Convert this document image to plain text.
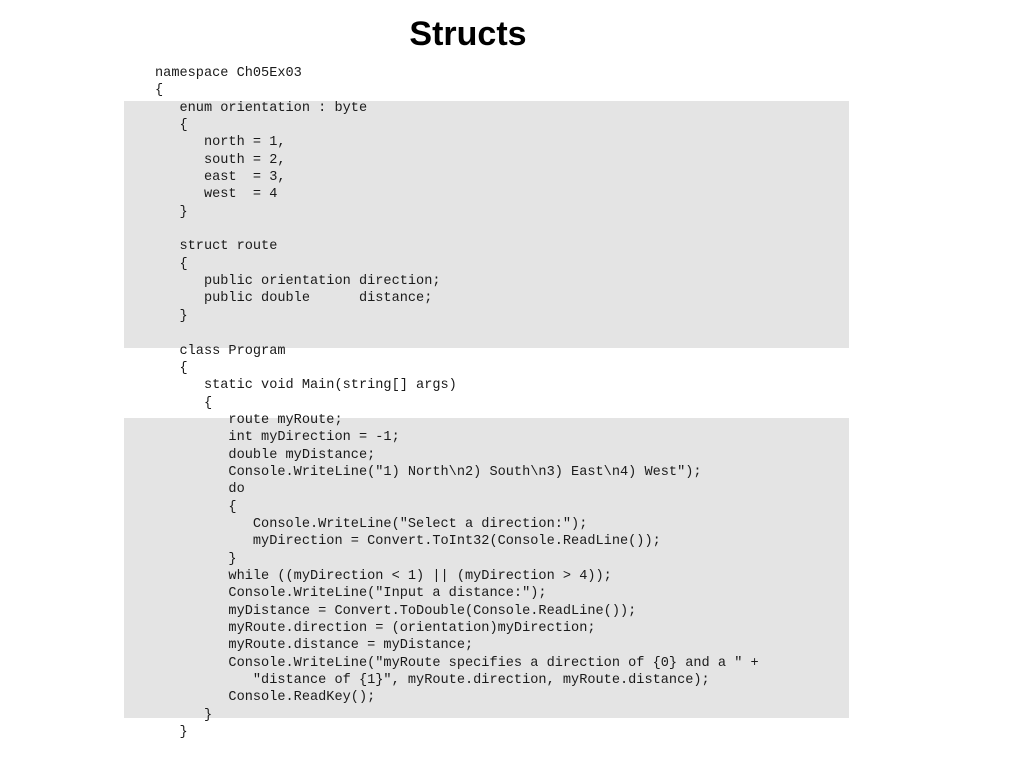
Structs
namespace Ch05Ex03
{
enum orientation : byte
{
north = 1,
south = 2,
east  = 3,
west  = 4
}
struct route
{
public orientation direction;
public double      distance;
}
class Program
{
static void Main(string[] args)
{
route myRoute;
int myDirection = -1;
double myDistance;
Console.WriteLine("1) North\n2) South\n3) East\n4) West");
do
{
Console.WriteLine("Select a direction:");
myDirection = Convert.ToInt32(Console.ReadLine());
}
while ((myDirection < 1) || (myDirection > 4));
Console.WriteLine("Input a distance:");
myDistance = Convert.ToDouble(Console.ReadLine());
myRoute.direction = (orientation)myDirection;
myRoute.distance = myDistance;
Console.WriteLine("myRoute specifies a direction of {0} and a " +
"distance of {1}", myRoute.direction, myRoute.distance);
Console.ReadKey();
}
}
